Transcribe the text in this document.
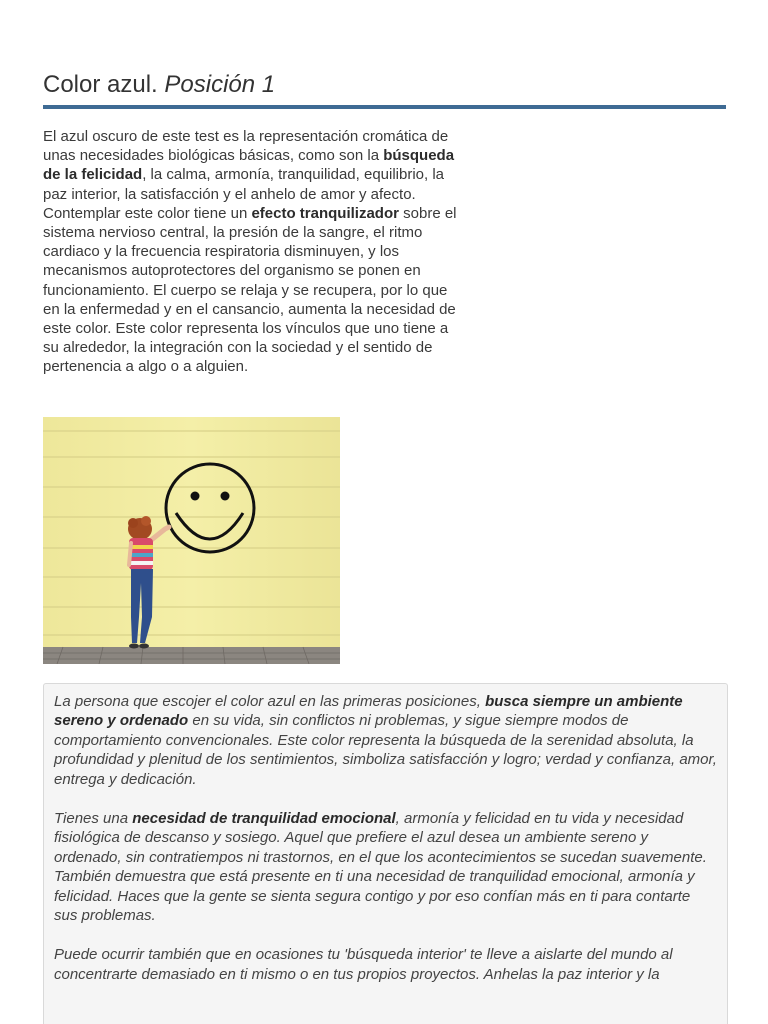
Color azul. Posición 1

El azul oscuro de este test es la representación cromática de unas necesidades biológicas básicas, como son la búsqueda de la felicidad, la calma, armonía, tranquilidad, equilibrio, la paz interior, la satisfacción y el anhelo de amor y afecto. Contemplar este color tiene un efecto tranquilizador sobre el sistema nervioso central, la presión de la sangre, el ritmo cardiaco y la frecuencia respiratoria disminuyen, y los mecanismos autoprotectores del organismo se ponen en funcionamiento. El cuerpo se relaja y se recupera, por lo que en la enfermedad y en el cansancio, aumenta la necesidad de este color. Este color representa los vínculos que uno tiene a su alrededor, la integración con la sociedad y el sentido de pertenencia a algo o a alguien.

La persona que escojer el color azul en las primeras posiciones, busca siempre un ambiente sereno y ordenado en su vida, sin conflictos ni problemas, y sigue siempre modos de comportamiento convencionales. Este color representa la búsqueda de la serenidad absoluta, la profundidad y plenitud de los sentimientos, simboliza satisfacción y logro; verdad y confianza, amor, entrega y dedicación.

Tienes una necesidad de tranquilidad emocional, armonía y felicidad en tu vida y necesidad fisiológica de descanso y sosiego. Aquel que prefiere el azul desea un ambiente sereno y ordenado, sin contratiempos ni trastornos, en el que los acontecimientos se sucedan suavemente. También demuestra que está presente en ti una necesidad de tranquilidad emocional, armonía y felicidad. Haces que la gente se sienta segura contigo y por eso confían más en ti para contarte sus problemas.

Puede ocurrir también que en ocasiones tu 'búsqueda interior' te lleve a aislarte del mundo al concentrarte demasiado en ti mismo o en tus propios proyectos. Anhelas la paz interior y la
